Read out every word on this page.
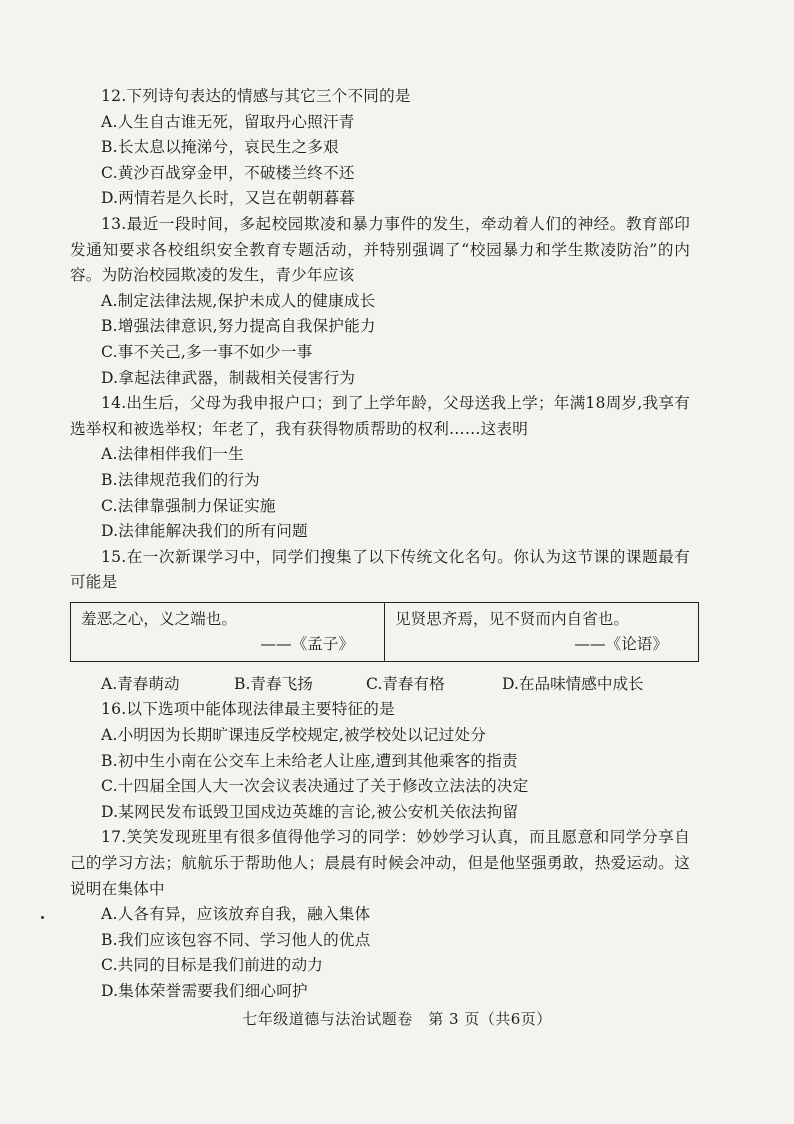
12.下列诗句表达的情感与其它三个不同的是

A.人生自古谁无死，留取丹心照汗青

B.长太息以掩涕兮，哀民生之多艰

C.黄沙百战穿金甲，不破楼兰终不还

D.两情若是久长时，又岂在朝朝暮暮

13.最近一段时间，多起校园欺凌和暴力事件的发生，牵动着人们的神经。教育部印发通知要求各校组织安全教育专题活动，并特别强调了“校园暴力和学生欺凌防治”的内容。为防治校园欺凌的发生，青少年应该

A.制定法律法规,保护未成人的健康成长

B.增强法律意识,努力提高自我保护能力

C.事不关己,多一事不如少一事

D.拿起法律武器，制裁相关侵害行为

14.出生后，父母为我申报户口；到了上学年龄，父母送我上学；年满18周岁,我享有选举权和被选举权；年老了，我有获得物质帮助的权利……这表明

A.法律相伴我们一生

B.法律规范我们的行为

C.法律靠强制力保证实施

D.法律能解决我们的所有问题

15.在一次新课学习中，同学们搜集了以下传统文化名句。你认为这节课的课题最有可能是

羞恶之心，义之端也。
——《孟子》

见贤思齐焉，见不贤而内自省也。
——《论语》
A.青春萌动	B.青春飞扬	C.青春有格	D.在品味情感中成长

16.以下选项中能体现法律最主要特征的是

A.小明因为长期旷课违反学校规定,被学校处以记过处分

B.初中生小南在公交车上未给老人让座,遭到其他乘客的指责

C.十四届全国人大一次会议表决通过了关于修改立法法的决定

D.某网民发布诋毁卫国戍边英雄的言论,被公安机关依法拘留

17.笑笑发现班里有很多值得他学习的同学：妙妙学习认真，而且愿意和同学分享自己的学习方法；航航乐于帮助他人；晨晨有时候会冲动，但是他坚强勇敢，热爱运动。这说明在集体中

A.人各有异，应该放弃自我，融入集体

B.我们应该包容不同、学习他人的优点

C.共同的目标是我们前进的动力

D.集体荣誉需要我们细心呵护

七年级道德与法治试题卷　第 3 页（共6页）
